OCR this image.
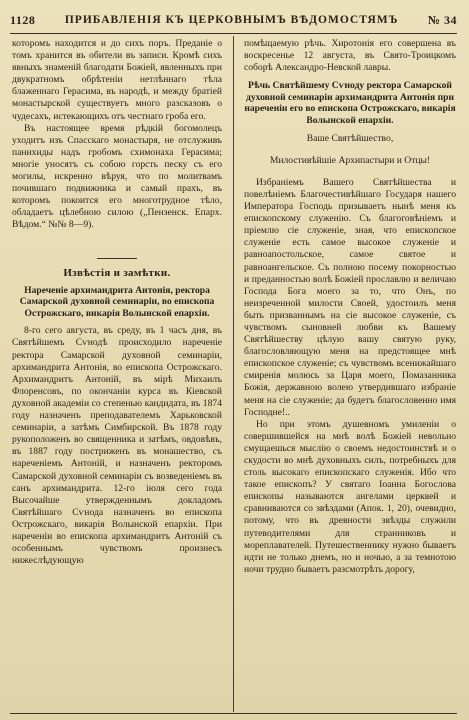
1128	ПРИБАВЛЕНІЯ КЪ ЦЕРКОВНЫМЪ ВѢДОМОСТЯМЪ № 34

которомъ находится и до сихъ поръ. Преданіе о томъ хранится въ обители въ записи. Кромѣ сихъ явныхъ знаменій благодати Божіей, явленныхъ при двукратномъ обрѣтеніи нетлѣннаго тѣла блаженнаго Герасима, въ народѣ, и между братіей монастырской существуетъ много разсказовъ о чудесахъ, истекающихъ отъ честнаго гроба его.

Въ настоящее время рѣдкій богомолецъ уходитъ изъ Спасскаго монастыря, не отслуживъ панихиды надъ гробомъ схимонаха Герасима; многіе уносятъ съ собою горсть песку съ его могилы, искренно вѣруя, что по молитвамъ почившаго подвижника и самый прахъ, въ которомъ покоится его многотрудное тѣло, обладаетъ цѣлебною силою („Пензенск. Епарх. Вѣдом.“ №№ 8—9).

Извѣстія и замѣтки.
Нареченіе архимандрита Антонія, ректора Самарской духовной семинаріи, во епископа Острожскаго, викарія Волынской епархіи.

8-го сего августа, въ среду, въ 1 часъ дня, въ Святѣйшемъ Сѵнодѣ происходило нареченіе ректора Самарской духовной семинаріи, архимандрита Антонія, во епископа Острожскаго. Архимандритъ Антоній, въ мірѣ Михаилъ Флоренсовъ, по окончаніи курса въ Кіевской духовной академіи со степенью кандидата, въ 1874 году назначенъ преподавателемъ Харьковской семинаріи, а затѣмъ Симбирской. Въ 1878 году рукоположенъ во священника и затѣмъ, овдовѣвъ, въ 1887 году постриженъ въ монашество, съ нареченіемъ Антоній, и назначенъ ректоромъ Самарской духовной семинаріи съ возведеніемъ въ санъ архимандрита. 12-го іюля сего года Высочайше утвержденнымъ докладомъ Святѣйшаго Сѵнода назначенъ во епископа Острожскаго, викарія Волынской епархіи. При нареченіи во епископа архимандритъ Антоній съ особеннымъ чувствомъ произнесъ нижеслѣдующую

помѣщаемую рѣчь. Хиротонія его совершена въ воскресенье 12 августа, въ Свято-Троицкомъ соборѣ Александро-Невской лавры.

Рѣчь Святѣйшему Сѵноду ректора Самарской духовной семинаріи архимандрита Антонія при нареченіи его во епископа Острожскаго, викарія Волынской епархіи.

Ваше Святѣйшество,

Милостивѣйшіе Архипастыри и Отцы!

Избраніемъ Вашего Святѣйшества и повелѣніемъ Благочестивѣйшаго Государя нашего Императора Господь призываетъ нынѣ меня къ епископскому служенію. Съ благоговѣніемъ и пріемлю сіе служеніе, зная, что епископское служеніе есть самое высокое служеніе и равноапостольское, самое святое и равноангельское. Съ полною посему покорностью и преданностью волѣ Божіей прославлю и величаю Господа Бога моего за то, что Онъ, по неизреченной милости Своей, удостоилъ меня быть призваннымъ на сіе высокое служеніе, съ чувствомъ сыновней любви къ Вашему Святѣйшеству цѣлую вашу святую руку, благословляющую меня на предстоящее мнѣ епископское служеніе; съ чувствомъ всенижайшаго смиренія молюсь за Царя моего, Помазанника Божія, державною волею утвердившаго избраніе меня на сіе служеніе; да будетъ благословенно имя Господне!..

Но при этомъ душевномъ умиленіи о совершившейся на мнѣ волѣ Божіей невольно смущаешься мыслію о своемъ недостоинствѣ и о скудости во мнѣ духовныхъ силъ, потребныхъ для столь высокаго епископскаго служенія. Ибо что такое епископъ? У святаго Іоанна Богослова епископы называются ангелами церквей и сравниваются со звѣздами (Апок. 1, 20), очевидно, потому, что въ древности звѣзды служили путеводителями для странниковъ и мореплавателей. Путешественнику нужно бываетъ идти не только днемъ, но и ночью, а за темнотою ночи трудно бываетъ разсмотрѣть дорогу,
